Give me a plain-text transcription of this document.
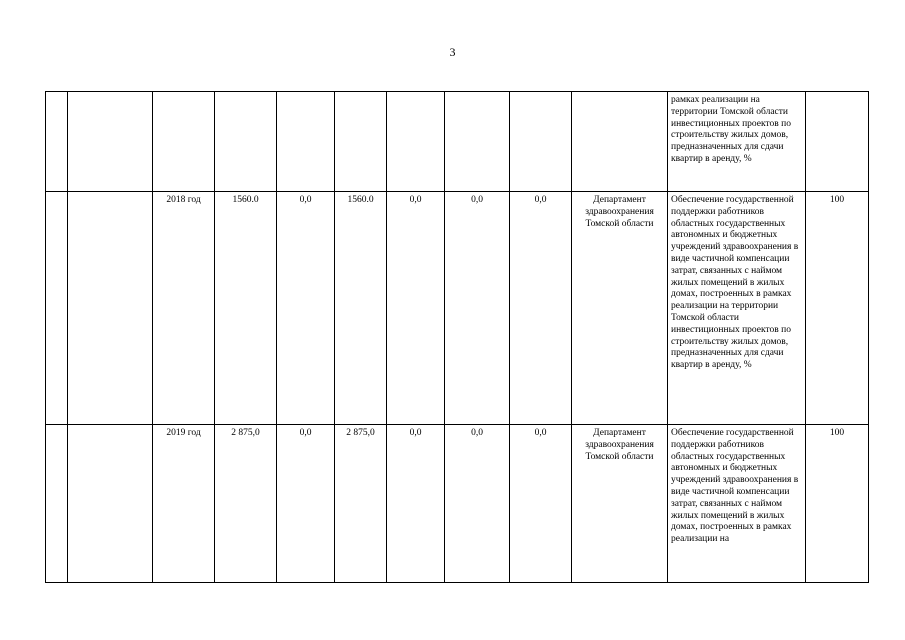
3
										рамках реализации на территории Томской области инвестиционных проектов по строительству жилых домов, предназначенных для сдачи квартир в аренду, %	
		2018 год	1560.0	0,0	1560.0	0,0	0,0	0,0	Департамент здравоохранения Томской области	Обеспечение государственной поддержки работников областных государственных автономных и бюджетных учреждений здравоохранения в виде частичной компенсации затрат, связанных с наймом жилых помещений в жилых домах, построенных в рамках реализации на территории Томской области инвестиционных проектов по строительству жилых домов, предназначенных для сдачи квартир в аренду, %	100
		2019 год	2 875,0	0,0	2 875,0	0,0	0,0	0,0	Департамент здравоохранения Томской области	Обеспечение государственной поддержки работников областных государственных автономных и бюджетных учреждений здравоохранения в виде частичной компенсации затрат, связанных с наймом жилых помещений в жилых домах, построенных в рамках реализации на	100
